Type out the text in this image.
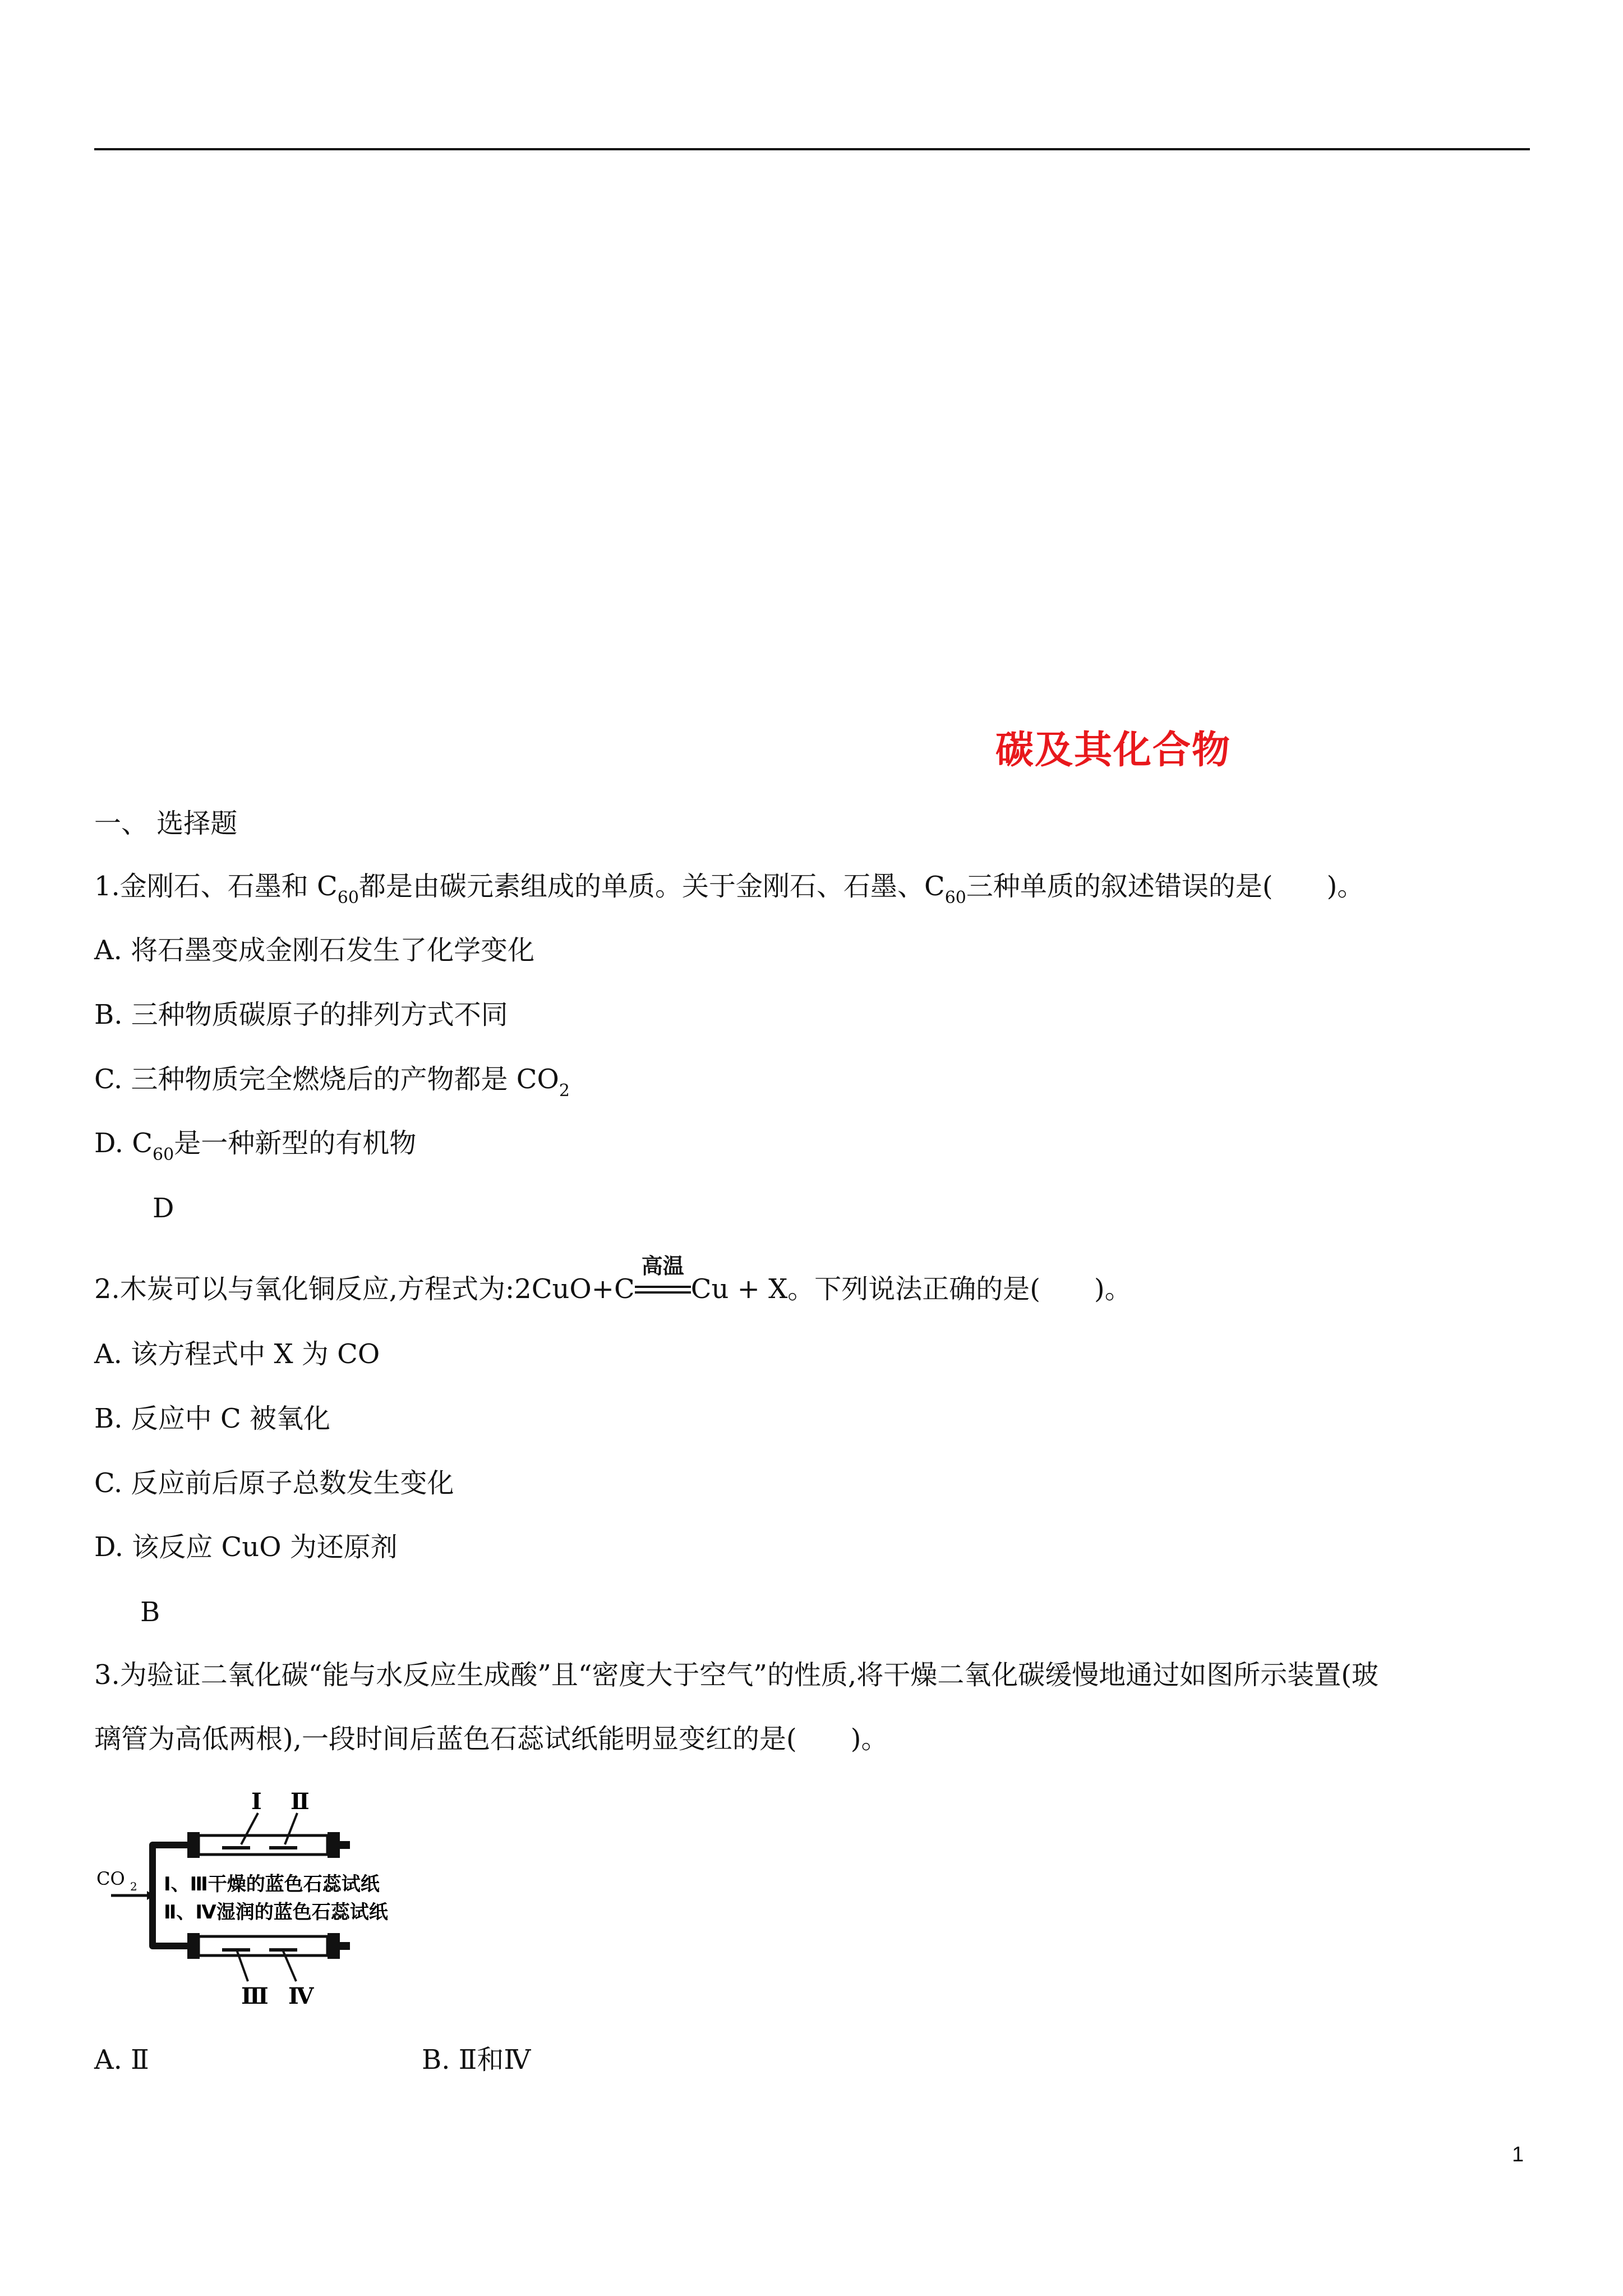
碳及其化合物
一、 选择题
1.金刚石、石墨和 $C_{60}$都是由碳元素组成的单质。关于金刚石、石墨、$C_{60}$三种单质的叙述错误的是(　　)。
A. 将石墨变成金刚石发生了化学变化
B. 三种物质碳原子的排列方式不同
C. 三种物质完全燃烧后的产物都是 $CO_2$
D. $C_{60}$是一种新型的有机物
D
2.木炭可以与氧化铜反应,方程式为:2CuO+C
高温
Cu + X。下列说法正确的是(　　)。
A. 该方程式中 X 为 CO
B. 反应中 C 被氧化
C. 反应前后原子总数发生变化
D. 该反应 CuO 为还原剂
B
3.为验证二氧化碳“能与水反应生成酸”且“密度大于空气”的性质,将干燥二氧化碳缓慢地通过如图所示装置(玻
璃管为高低两根),一段时间后蓝色石蕊试纸能明显变红的是(　　)。
Ⅰ Ⅱ
CO 2 Ⅰ、Ⅲ干燥的蓝色石蕊试纸
Ⅱ、Ⅳ湿润的蓝色石蕊试纸
Ⅲ Ⅳ
A. Ⅱ	B. Ⅱ和Ⅳ
1
